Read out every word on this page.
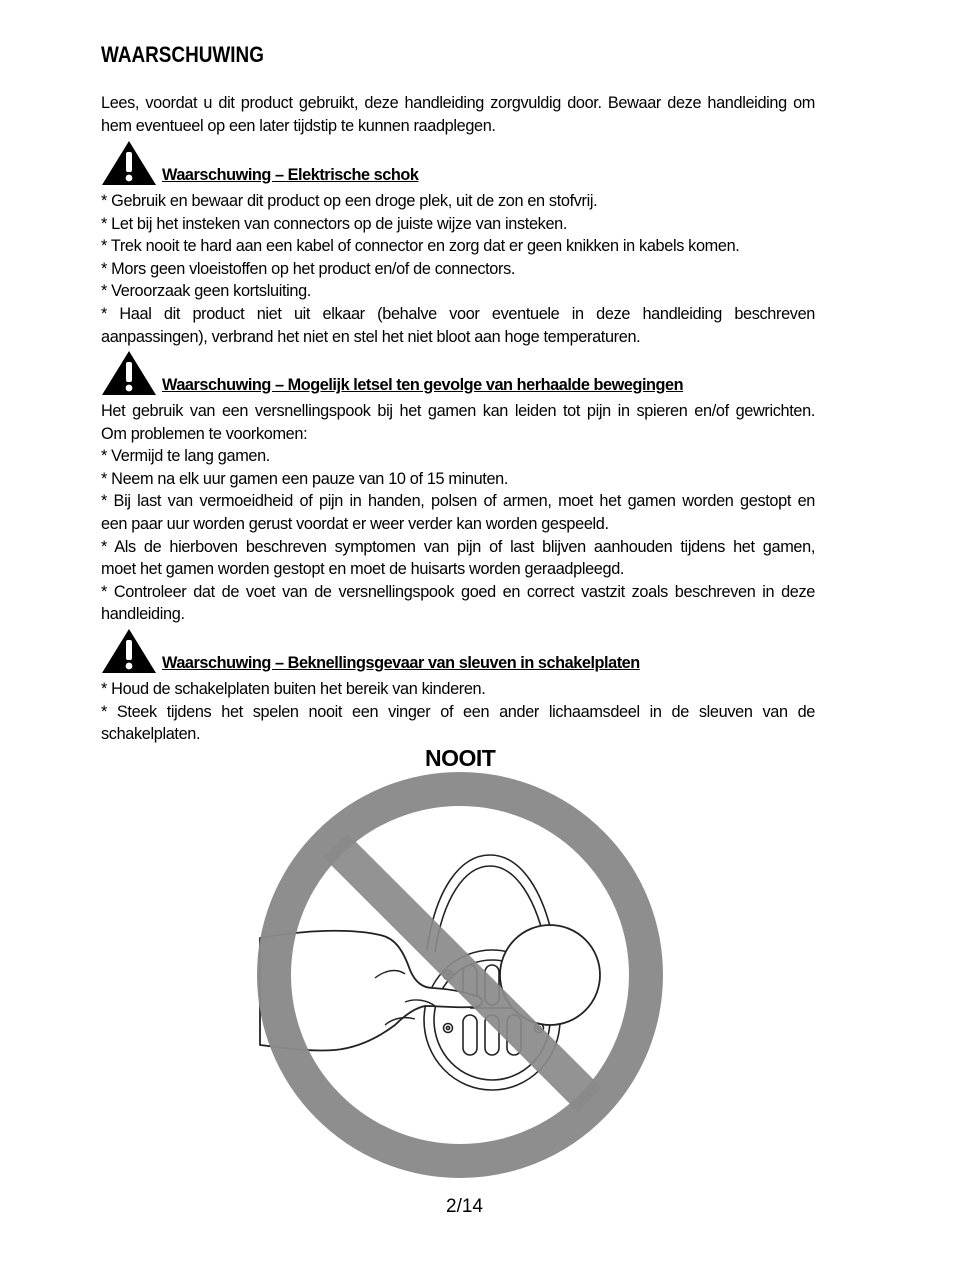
WAARSCHUWING
Lees, voordat u dit product gebruikt, deze handleiding zorgvuldig door. Bewaar deze handleiding om
hem eventueel op een later tijdstip te kunnen raadplegen.
Waarschuwing – Elektrische schok
* Gebruik en bewaar dit product op een droge plek, uit de zon en stofvrij.
* Let bij het insteken van connectors op de juiste wijze van insteken.
* Trek nooit te hard aan een kabel of connector en zorg dat er geen knikken in kabels komen.
* Mors geen vloeistoffen op het product en/of de connectors.
* Veroorzaak geen kortsluiting.
* Haal dit product niet uit elkaar (behalve voor eventuele in deze handleiding beschreven
aanpassingen), verbrand het niet en stel het niet bloot aan hoge temperaturen.
Waarschuwing – Mogelijk letsel ten gevolge van herhaalde bewegingen
Het gebruik van een versnellingspook bij het gamen kan leiden tot pijn in spieren en/of gewrichten.
Om problemen te voorkomen:
* Vermijd te lang gamen.
* Neem na elk uur gamen een pauze van 10 of 15 minuten.
* Bij last van vermoeidheid of pijn in handen, polsen of armen, moet het gamen worden gestopt en
een paar uur worden gerust voordat er weer verder kan worden gespeeld.
* Als de hierboven beschreven symptomen van pijn of last blijven aanhouden tijdens het gamen,
moet het gamen worden gestopt en moet de huisarts worden geraadpleegd.
* Controleer dat de voet van de versnellingspook goed en correct vastzit zoals beschreven in deze
handleiding.
Waarschuwing – Beknellingsgevaar van sleuven in schakelplaten
* Houd de schakelplaten buiten het bereik van kinderen.
* Steek tijdens het spelen nooit een vinger of een ander lichaamsdeel in de sleuven van de
schakelplaten.
NOOIT
2/14
